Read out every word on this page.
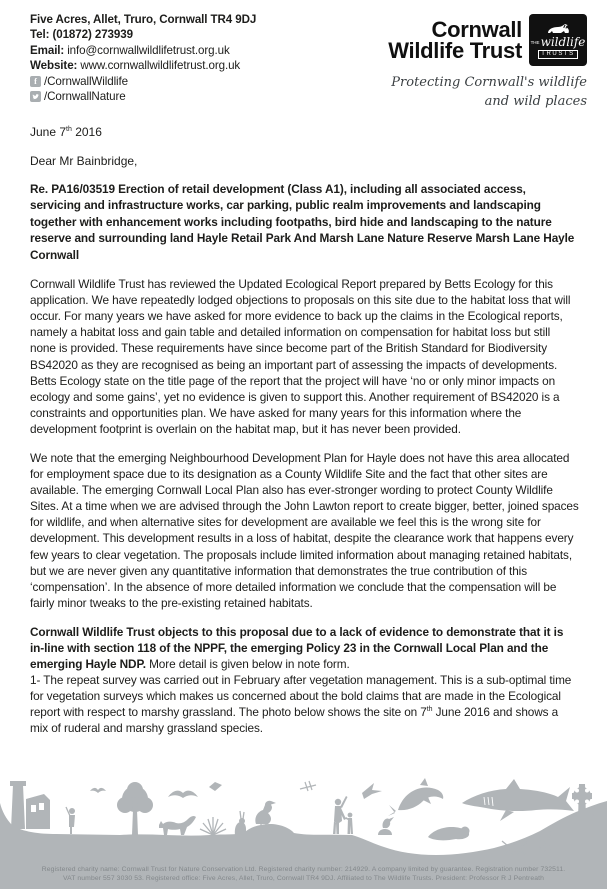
Five Acres, Allet, Truro, Cornwall TR4 9DJ
Tel: (01872) 273939
Email: info@cornwallwildlifetrust.org.uk
Website: www.cornwallwildlifetrust.org.uk
f /CornwallWildlife
/CornwallNature
Cornwall
Wildlife Trust THEwildlife
TRUSTS
Protecting Cornwall's wildlife
and wild places
June 7th 2016
Dear Mr Bainbridge,

Re. PA16/03519 Erection of retail development (Class A1), including all associated access, servicing and infrastructure works, car parking, public realm improvements and landscaping together with enhancement works including footpaths, bird hide and landscaping to the nature reserve and surrounding land Hayle Retail Park And Marsh Lane Nature Reserve Marsh Lane Hayle Cornwall

Cornwall Wildlife Trust has reviewed the Updated Ecological Report prepared by Betts Ecology for this application. We have repeatedly lodged objections to proposals on this site due to the habitat loss that will occur. For many years we have asked for more evidence to back up the claims in the Ecological reports, namely a habitat loss and gain table and detailed information on compensation for habitat loss but still none is provided. These requirements have since become part of the British Standard for Biodiversity BS42020 as they are recognised as being an important part of assessing the impacts of developments. Betts Ecology state on the title page of the report that the project will have ‘no or only minor impacts on ecology and some gains’, yet no evidence is given to support this. Another requirement of BS42020 is a constraints and opportunities plan. We have asked for many years for this information where the development footprint is overlain on the habitat map, but it has never been provided.

We note that the emerging Neighbourhood Development Plan for Hayle does not have this area allocated for employment space due to its designation as a County Wildlife Site and the fact that other sites are available. The emerging Cornwall Local Plan also has ever-stronger wording to protect County Wildlife Sites. At a time when we are advised through the John Lawton report to create bigger, better, joined spaces for wildlife, and when alternative sites for development are available we feel this is the wrong site for development. This development results in a loss of habitat, despite the clearance work that happens every few years to clear vegetation. The proposals include limited information about managing retained habitats, but we are never given any quantitative information that demonstrates the true contribution of this ‘compensation’. In the absence of more detailed information we conclude that the compensation will be fairly minor tweaks to the pre-existing retained habitats.

Cornwall Wildlife Trust objects to this proposal due to a lack of evidence to demonstrate that it is in-line with section 118 of the NPPF, the emerging Policy 23 in the Cornwall Local Plan and the emerging Hayle NDP. More detail is given below in note form.

1- The repeat survey was carried out in February after vegetation management. This is a sub-optimal time for vegetation surveys which makes us concerned about the bold claims that are made in the Ecological report with respect to marshy grassland. The photo below shows the site on 7th June 2016 and shows a mix of ruderal and marshy grassland species.

Registered charity name: Cornwall Trust for Nature Conservation Ltd. Registered charity number: 214929. A company limited by guarantee. Registration number 732511.
VAT number 557 3030 53. Registered office: Five Acres, Allet, Truro, Cornwall TR4 9DJ. Affiliated to The Wildlife Trusts. President: Professor R J Pentreath
